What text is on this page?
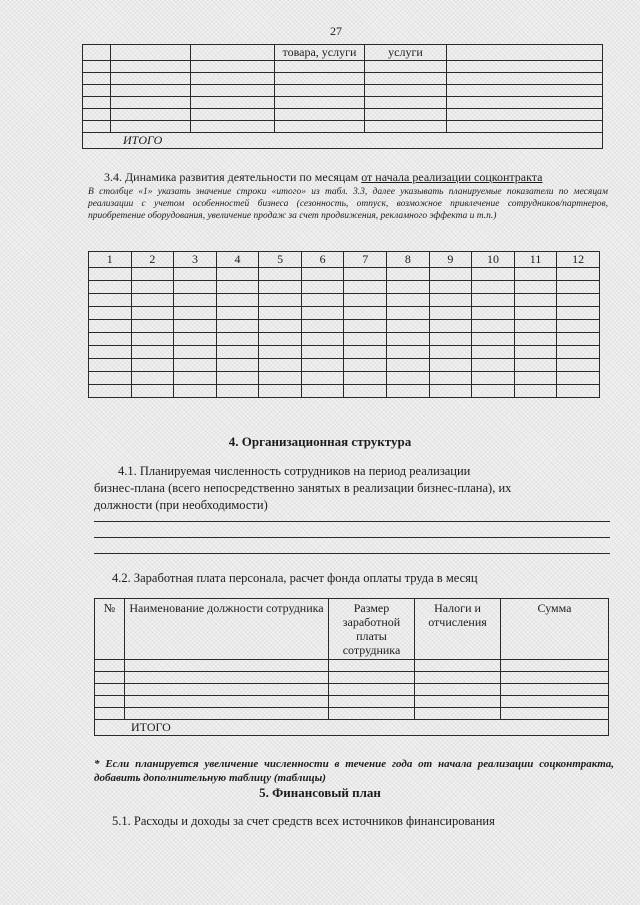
27
			товара, услуги	услуги	

ИТОГО					
3.4. Динамика развития деятельности по месяцам от начала реализации соцконтракта
В столбце «1» указать значение строки «итого» из табл. 3.3, далее указывать планируемые показатели по месяцам реализации с учетом особенностей бизнеса (сезонность, отпуск, возможное привлечение сотрудников/партнеров, приобретение оборудования, увеличение продаж за счет продвижения, рекламного эффекта и т.п.)
1	2	3	4	5	6	7	8	9	10	11	12

4. Организационная структура
4.1. Планируемая численность сотрудников на период реализации
бизнес-плана (всего непосредственно занятых в реализации бизнес-плана), их
должности (при необходимости)
4.2. Заработная плата персонала, расчет фонда оплаты труда в месяц
№	Наименование должности сотрудника	Размер заработной платы сотрудника	Налоги и отчисления	Сумма

ИТОГО				
* Если планируется увеличение численности в течение года от начала реализации соцконтракта, добавить дополнительную таблицу (таблицы)
5. Финансовый план
5.1. Расходы и доходы за счет средств всех источников финансирования
